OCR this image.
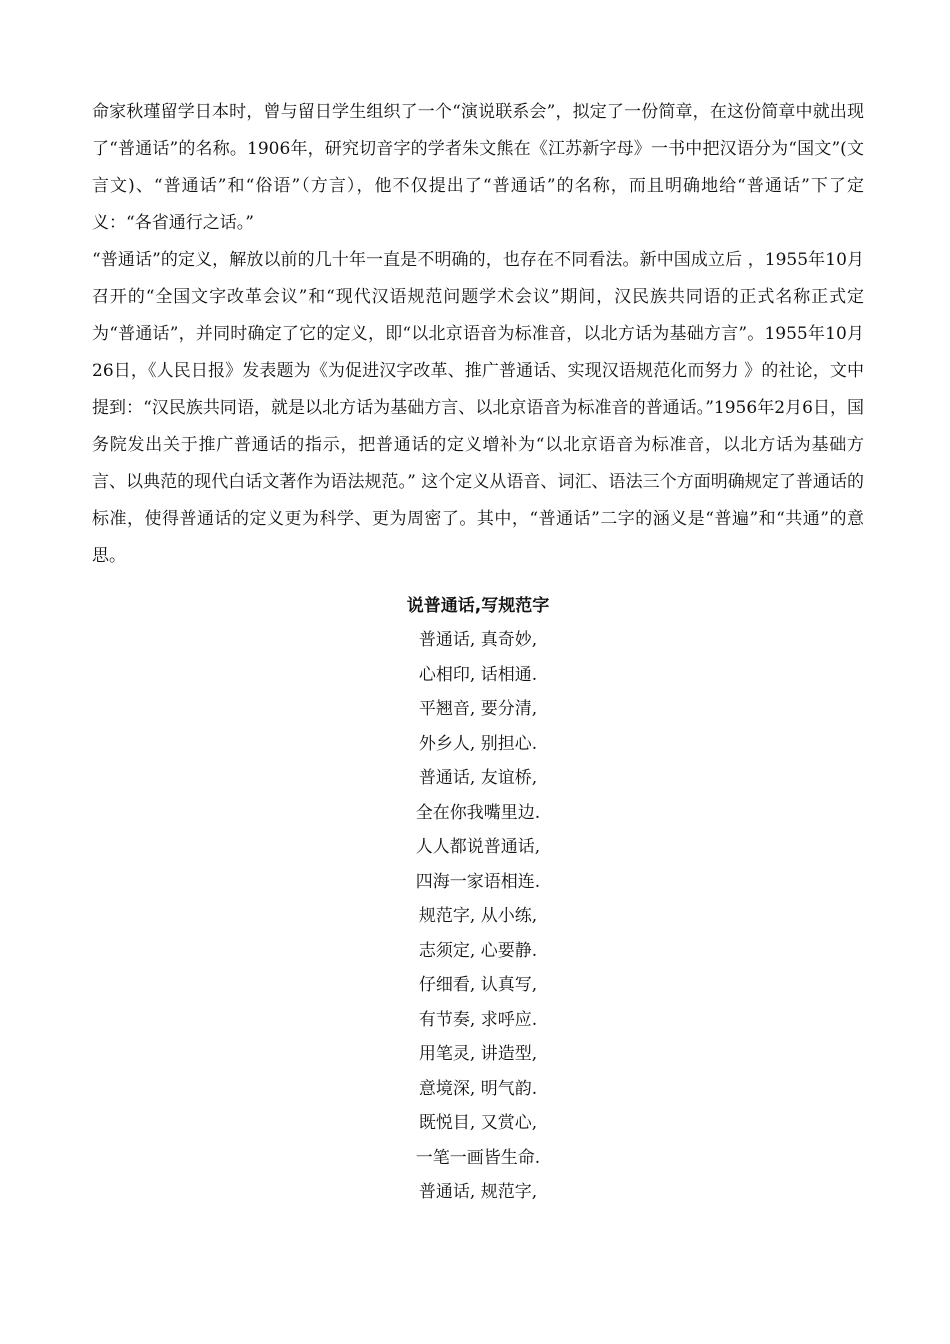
命家秋瑾留学日本时，曾与留日学生组织了一个“演说联系会”，拟定了一份简章，在这份简章中就出现了“普通话”的名称。1906年，研究切音字的学者朱文熊在《江苏新字母》一书中把汉语分为“国文”(文言文)、“普通话”和“俗语”（方言），他不仅提出了“普通话”的名称，而且明确地给“普通话”下了定义：“各省通行之话。”

“普通话”的定义，解放以前的几十年一直是不明确的，也存在不同看法。新中国成立后 ，1955年10月召开的“全国文字改革会议”和“现代汉语规范问题学术会议”期间，汉民族共同语的正式名称正式定为“普通话”，并同时确定了它的定义，即“以北京语音为标准音，以北方话为基础方言”。1955年10月26日，《人民日报》发表题为《为促进汉字改革、推广普通话、实现汉语规范化而努力 》的社论，文中提到：“汉民族共同语，就是以北方话为基础方言、以北京语音为标准音的普通话。”1956年2月6日，国务院发出关于推广普通话的指示，把普通话的定义增补为“以北京语音为标准音，以北方话为基础方言、以典范的现代白话文著作为语法规范。” 这个定义从语音、词汇、语法三个方面明确规定了普通话的标准，使得普通话的定义更为科学、更为周密了。其中，“普通话”二字的涵义是“普遍”和“共通”的意思。

说普通话,写规范字
普通话, 真奇妙,
心相印, 话相通.
平翘音, 要分清,
外乡人, 别担心.
普通话, 友谊桥,
全在你我嘴里边.
人人都说普通话,
四海一家语相连.
规范字, 从小练,
志须定, 心要静.
仔细看, 认真写,
有节奏, 求呼应.
用笔灵, 讲造型,
意境深, 明气韵.
既悦目, 又赏心,
一笔一画皆生命.
普通话, 规范字,
